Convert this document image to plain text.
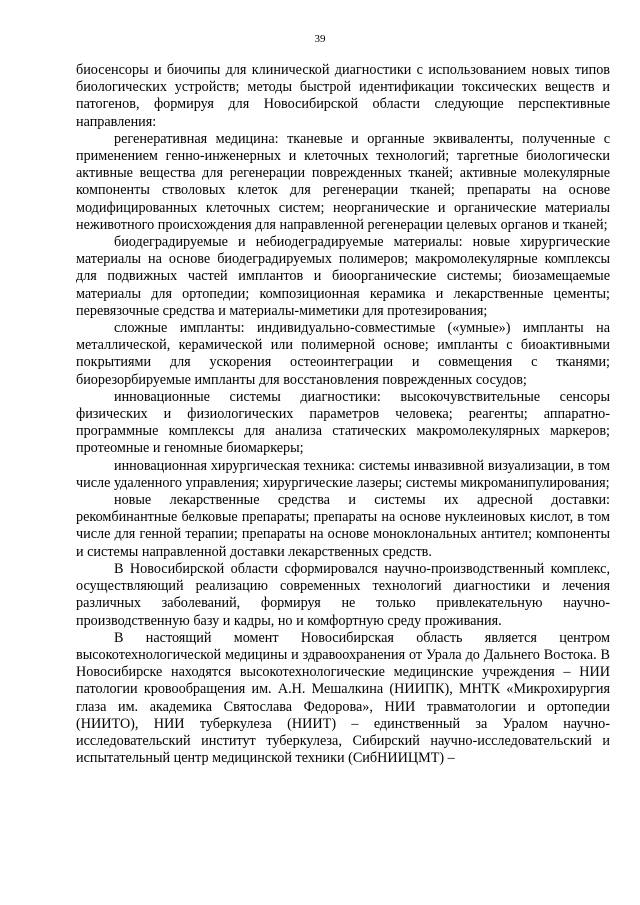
39

биосенсоры и биочипы для клинической диагностики с использованием новых типов биологических устройств; методы быстрой идентификации токсических веществ и патогенов, формируя для Новосибирской области следующие перспективные направления:

регенеративная медицина: тканевые и органные эквиваленты, полученные с применением генно-инженерных и клеточных технологий; таргетные биологически активные вещества для регенерации поврежденных тканей; активные молекулярные компоненты стволовых клеток для регенерации тканей; препараты на основе модифицированных клеточных систем; неорганические и органические материалы неживотного происхождения для направленной регенерации целевых органов и тканей;

биодеградируемые и небиодеградируемые материалы: новые хирургические материалы на основе биодеградируемых полимеров; макромолекулярные комплексы для подвижных частей имплантов и биоорганические системы; биозамещаемые материалы для ортопедии; композиционная керамика и лекарственные цементы; перевязочные средства и материалы-миметики для протезирования;

сложные импланты: индивидуально-совместимые («умные») импланты на металлической, керамической или полимерной основе; импланты с биоактивными покрытиями для ускорения остеоинтеграции и совмещения с тканями; биорезорбируемые импланты для восстановления поврежденных сосудов;

инновационные системы диагностики: высокочувствительные сенсоры физических и физиологических параметров человека; реагенты; аппаратно-программные комплексы для анализа статических макромолекулярных маркеров; протеомные и геномные биомаркеры;

инновационная хирургическая техника: системы инвазивной визуализации, в том числе удаленного управления; хирургические лазеры; системы микроманипулирования;

новые лекарственные средства и системы их адресной доставки: рекомбинантные белковые препараты; препараты на основе нуклеиновых кислот, в том числе для генной терапии; препараты на основе моноклональных антител; компоненты и системы направленной доставки лекарственных средств.

В Новосибирской области сформировался научно-производственный комплекс, осуществляющий реализацию современных технологий диагностики и лечения различных заболеваний, формируя не только привлекательную научно-производственную базу и кадры, но и комфортную среду проживания.

В настоящий момент Новосибирская область является центром высокотехнологической медицины и здравоохранения от Урала до Дальнего Востока. В Новосибирске находятся высокотехнологические медицинские учреждения – НИИ патологии кровообращения им. А.Н. Мешалкина (НИИПК), МНТК «Микрохирургия глаза им. академика Святослава Федорова», НИИ травматологии и ортопедии (НИИТО), НИИ туберкулеза (НИИТ) – единственный за Уралом научно-исследовательский институт туберкулеза, Сибирский научно-исследовательский и испытательный центр медицинской техники (СибНИИЦМТ) –
